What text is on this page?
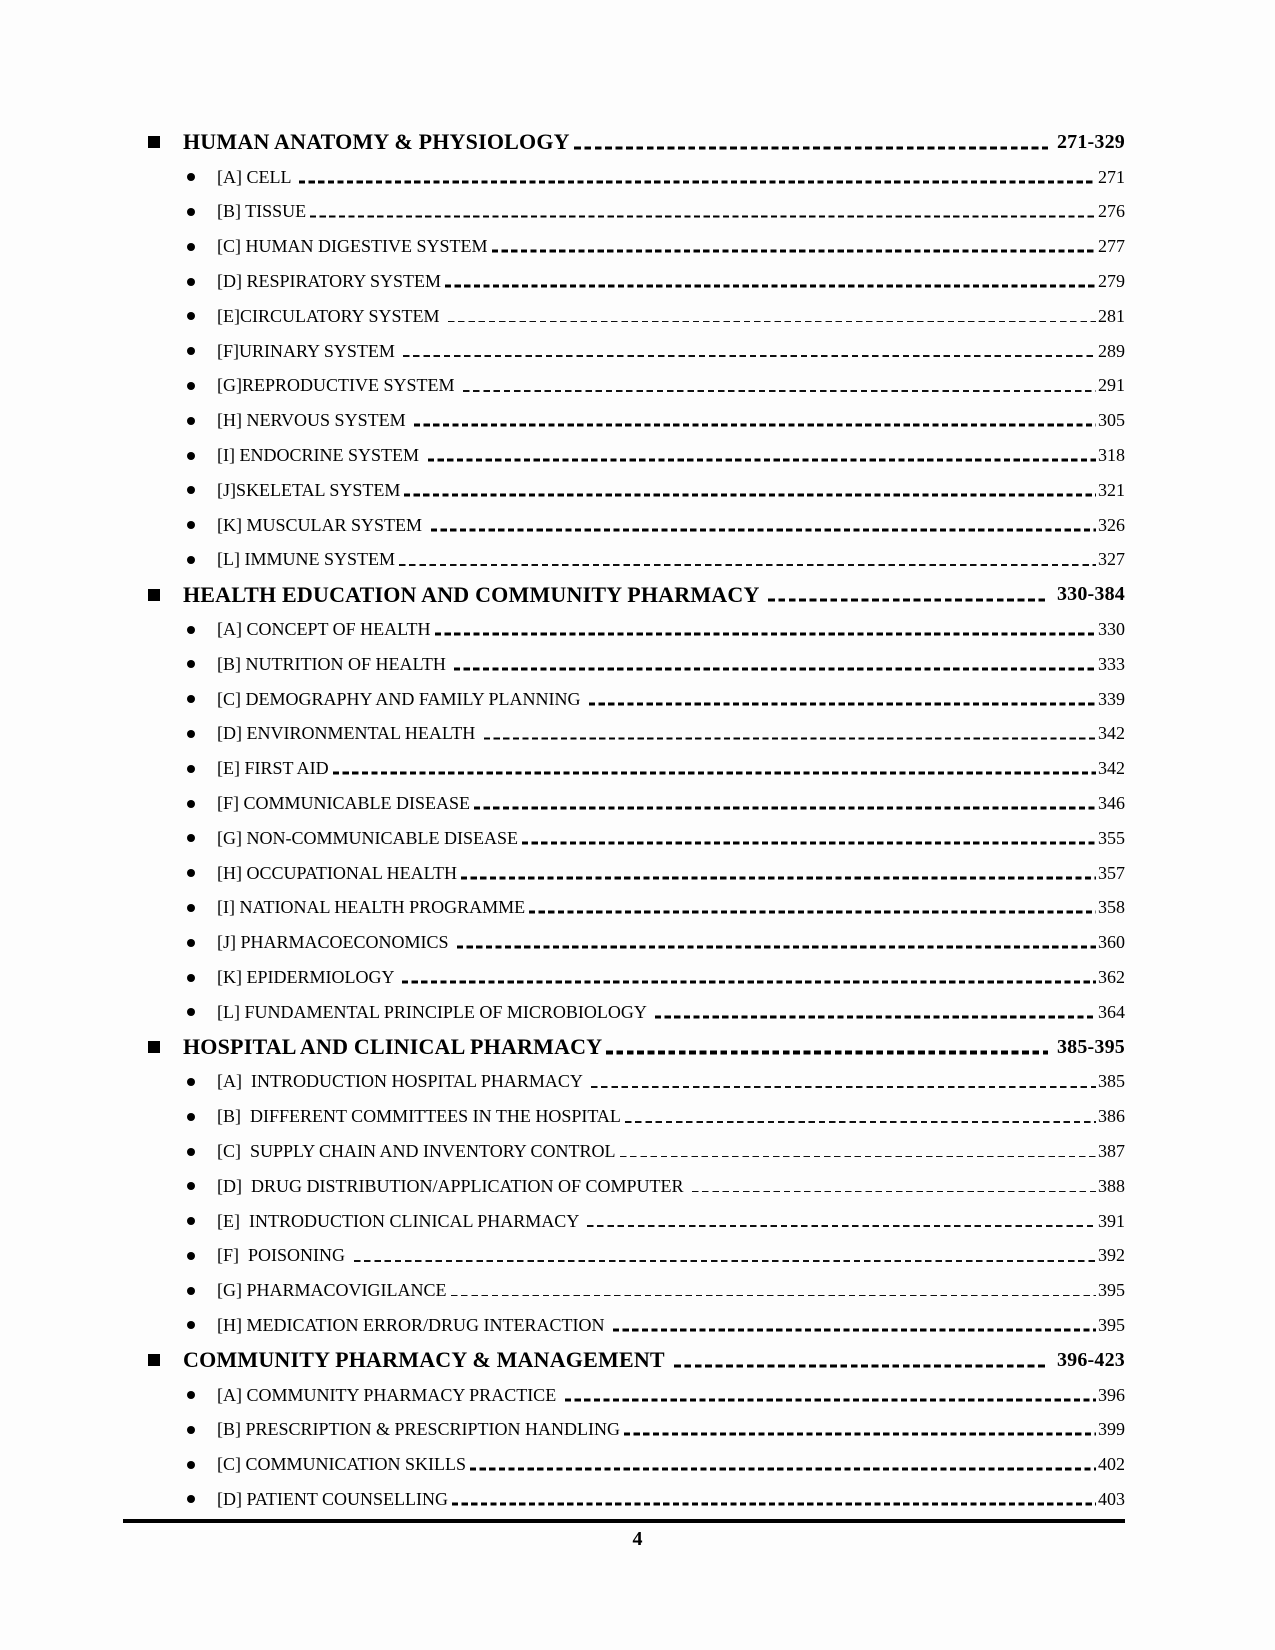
HUMAN ANATOMY & PHYSIOLOGY	271-329
[A] CELL	271
[B] TISSUE	276
[C] HUMAN DIGESTIVE SYSTEM	277
[D] RESPIRATORY SYSTEM	279
[E]CIRCULATORY SYSTEM	281
[F]URINARY SYSTEM	289
[G]REPRODUCTIVE SYSTEM	291
[H] NERVOUS SYSTEM	305
[I] ENDOCRINE SYSTEM	318
[J]SKELETAL SYSTEM	321
[K] MUSCULAR SYSTEM	326
[L] IMMUNE SYSTEM	327
HEALTH EDUCATION AND COMMUNITY PHARMACY	330-384
[A] CONCEPT OF HEALTH	330
[B] NUTRITION OF HEALTH	333
[C] DEMOGRAPHY AND FAMILY PLANNING	339
[D] ENVIRONMENTAL HEALTH	342
[E] FIRST AID	342
[F] COMMUNICABLE DISEASE	346
[G] NON-COMMUNICABLE DISEASE	355
[H] OCCUPATIONAL HEALTH	357
[I] NATIONAL HEALTH PROGRAMME	358
[J] PHARMACOECONOMICS	360
[K] EPIDERMIOLOGY	362
[L] FUNDAMENTAL PRINCIPLE OF MICROBIOLOGY	364
HOSPITAL AND CLINICAL PHARMACY	385-395
[A]  INTRODUCTION HOSPITAL PHARMACY	385
[B]  DIFFERENT COMMITTEES IN THE HOSPITAL	386
[C]  SUPPLY CHAIN AND INVENTORY CONTROL	387
[D]  DRUG DISTRIBUTION/APPLICATION OF COMPUTER	388
[E]  INTRODUCTION CLINICAL PHARMACY	391
[F]  POISONING	392
[G] PHARMACOVIGILANCE	395
[H] MEDICATION ERROR/DRUG INTERACTION	395
COMMUNITY PHARMACY & MANAGEMENT	396-423
[A] COMMUNITY PHARMACY PRACTICE	396
[B] PRESCRIPTION & PRESCRIPTION HANDLING	399
[C] COMMUNICATION SKILLS	402
[D] PATIENT COUNSELLING	403
4
